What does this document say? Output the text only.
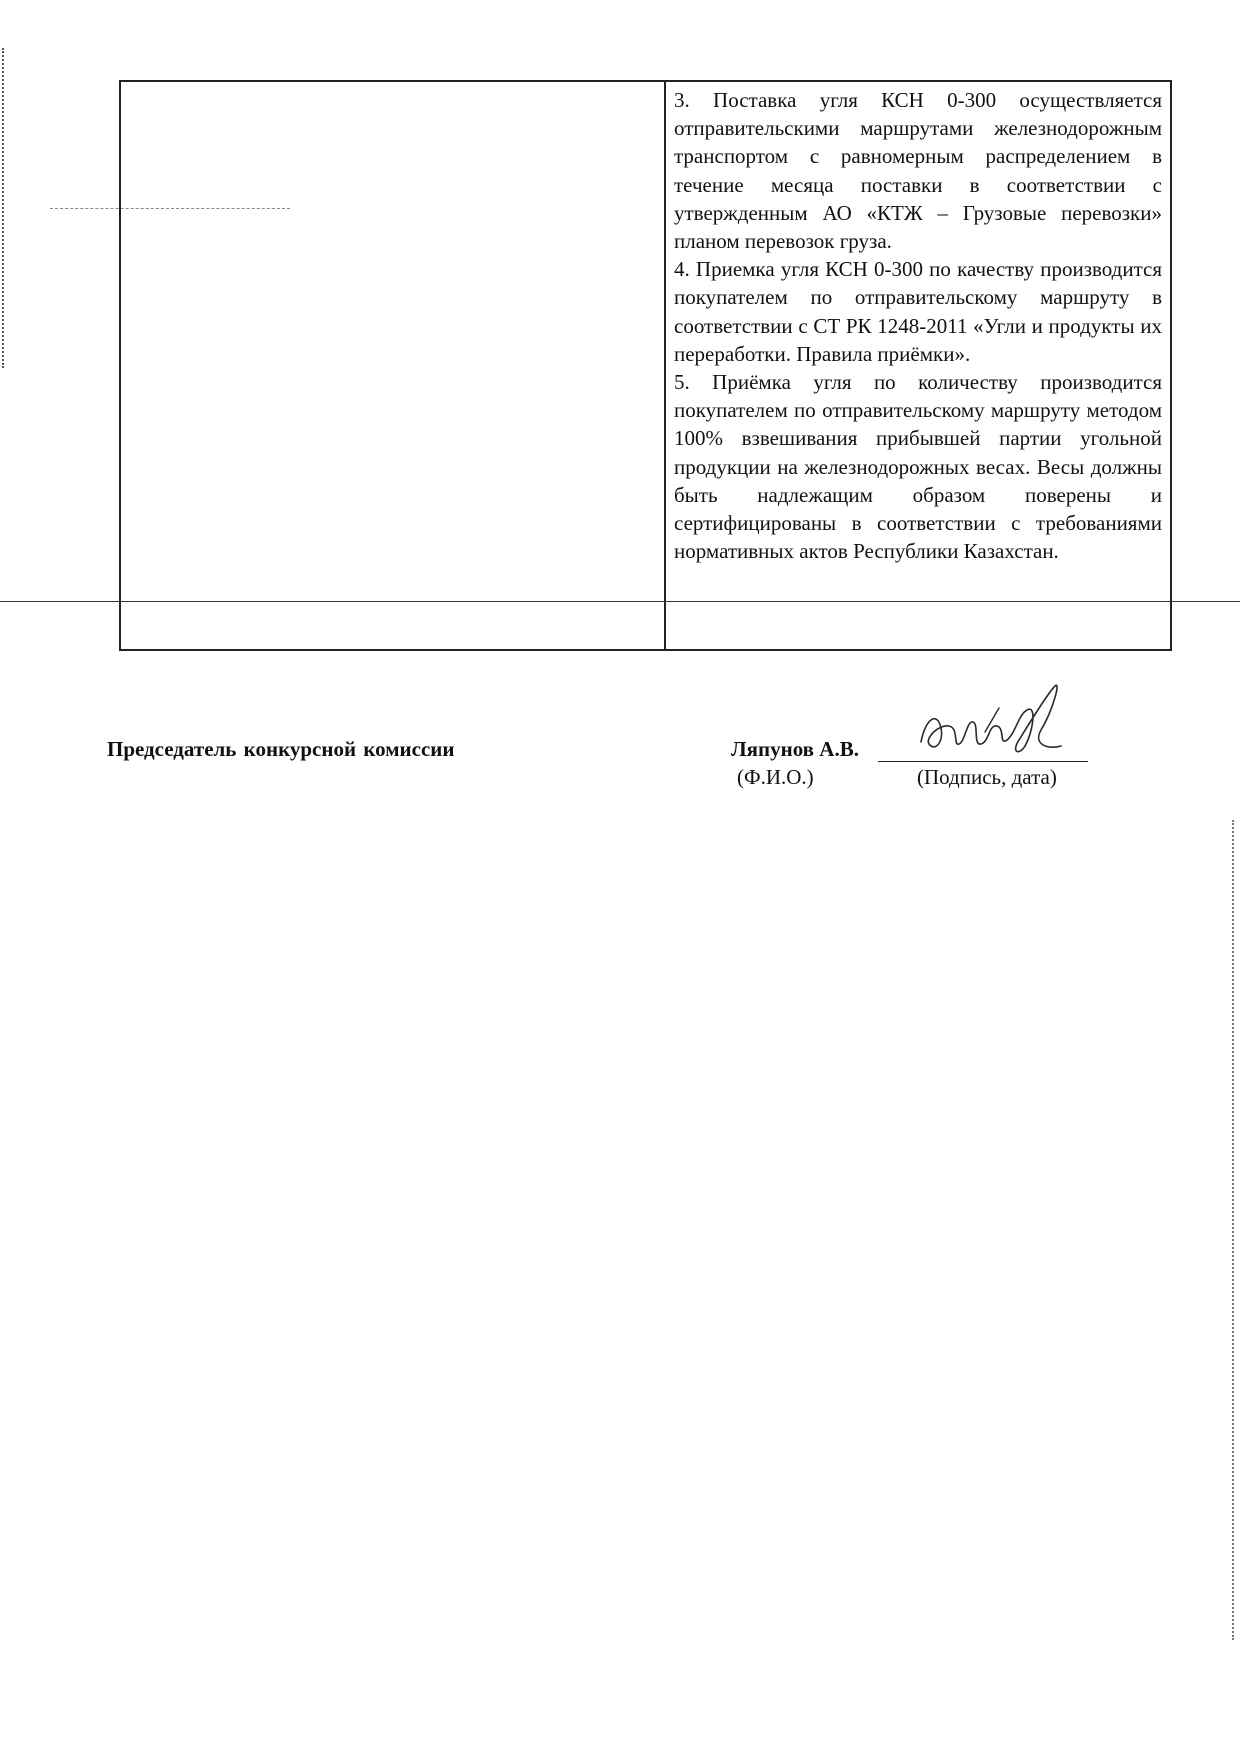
3. Поставка угля КСН 0-300 осуществляется отправительскими маршрутами железнодорожным транспортом с равномерным распределением в течение месяца поставки в соответствии с утвержденным АО «КТЖ – Грузовые перевозки» планом перевозок груза.

4. Приемка угля КСН 0-300 по качеству производится покупателем по отправительскому маршруту в соответствии с СТ РК 1248-2011 «Угли и продукты их переработки. Правила приёмки».

5. Приёмка угля по количеству производится покупателем по отправительскому маршруту методом 100% взвешивания прибывшей партии угольной продукции на железнодорожных весах. Весы должны быть надлежащим образом поверены и сертифицированы в соответствии с требованиями нормативных актов Республики Казахстан.

Председатель конкурсной комиссии	Ляпунов А.В.
(Ф.И.О.)	(Подпись, дата)
